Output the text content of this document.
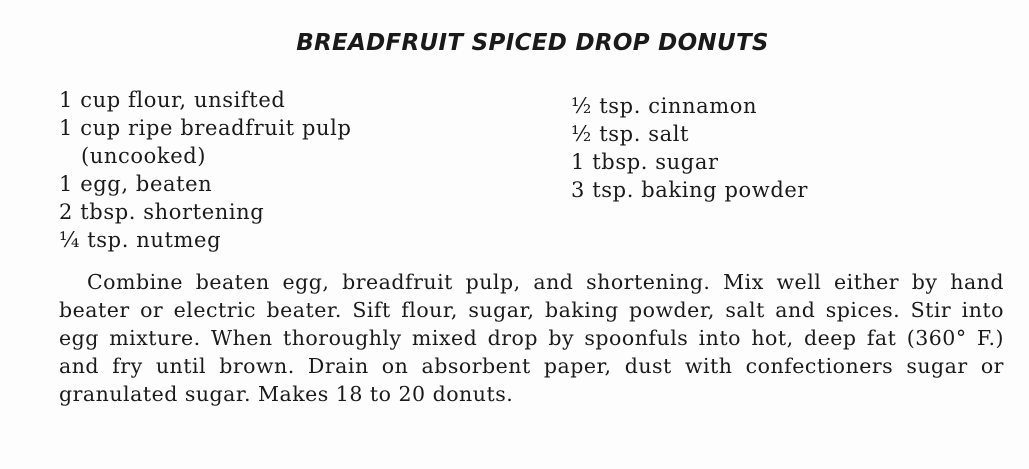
BREADFRUIT SPICED DROP DONUTS
1 cup flour, unsifted
1 cup ripe breadfruit pulp
(uncooked)
1 egg, beaten
2 tbsp. shortening
¼ tsp. nutmeg
½ tsp. cinnamon
½ tsp. salt
1 tbsp. sugar
3 tsp. baking powder

Combine beaten egg, breadfruit pulp, and shortening. Mix well either by hand beater or electric beater. Sift flour, sugar, baking powder, salt and spices. Stir into egg mixture. When thoroughly mixed drop by spoonfuls into hot, deep fat (360° F.) and fry until brown. Drain on absorbent paper, dust with confectioners sugar or granulated sugar. Makes 18 to 20 donuts.
